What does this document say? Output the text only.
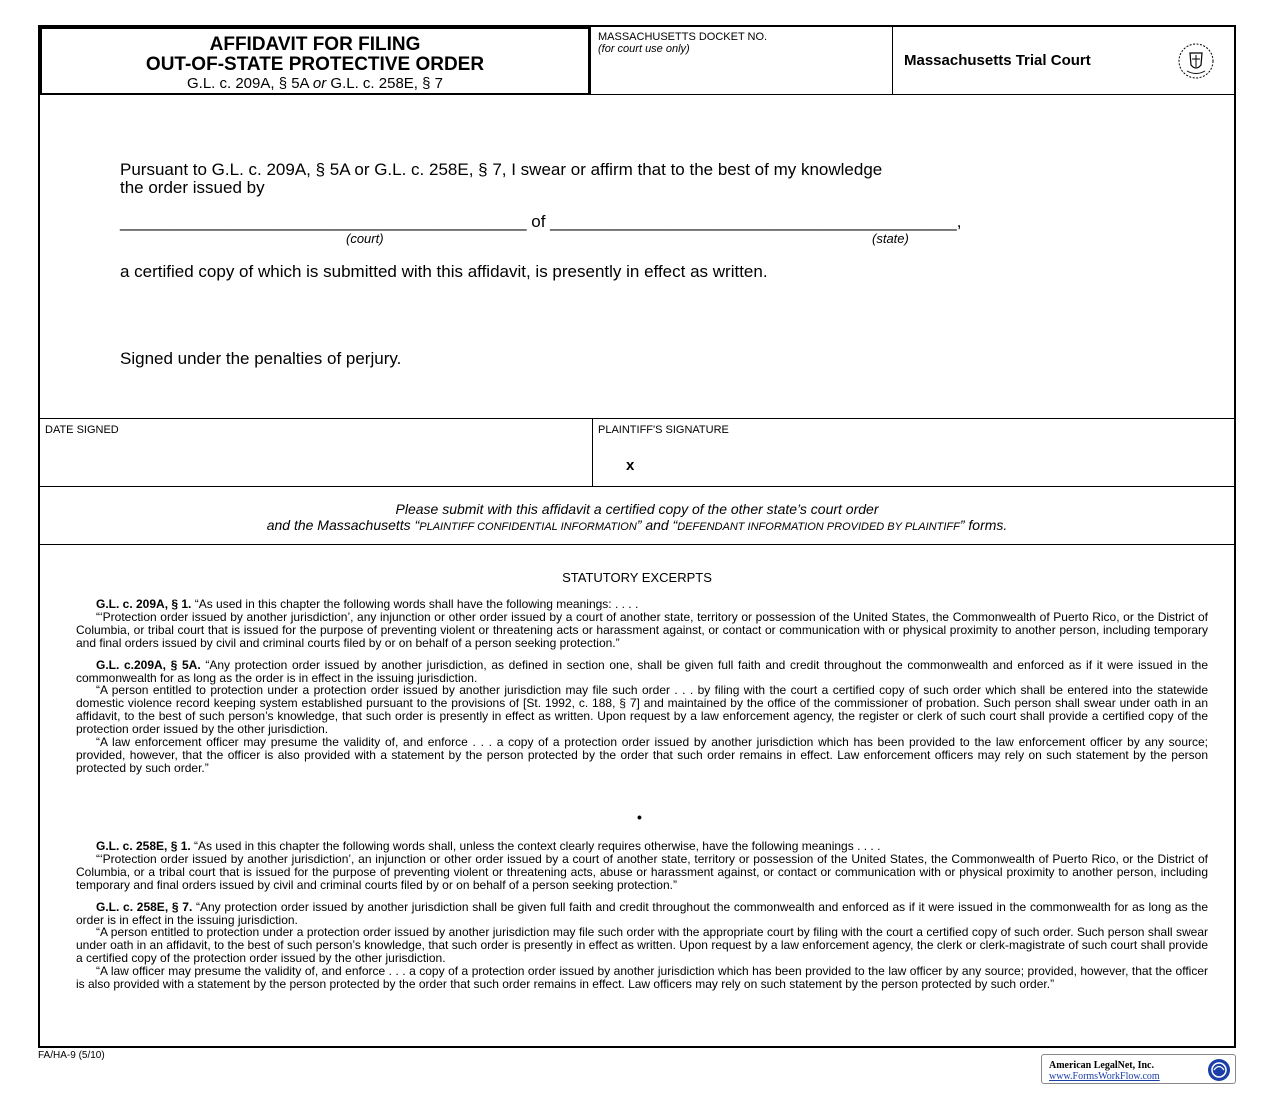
AFFIDAVIT FOR FILING
OUT-OF-STATE PROTECTIVE ORDER
G.L. c. 209A, § 5A or G.L. c. 258E, § 7
MASSACHUSETTS DOCKET NO.
(for court use only)
Massachusetts Trial Court
Pursuant to G.L. c. 209A, § 5A or G.L. c. 258E, § 7, I swear or affirm that to the best of my knowledge
the order issued by
___________________________________________ of ___________________________________________,
(court)	(state)
a certified copy of which is submitted with this affidavit, is presently in effect as written.
Signed under the penalties of perjury.
DATE SIGNED	PLAINTIFF'S SIGNATURE
x
Please submit with this affidavit a certified copy of the other state’s court order
and the Massachusetts “PLAINTIFF CONFIDENTIAL INFORMATION” and “DEFENDANT INFORMATION PROVIDED BY PLAINTIFF” forms.
STATUTORY EXCERPTS

G.L. c. 209A, § 1. “As used in this chapter the following words shall have the following meanings: . . . .

“‘Protection order issued by another jurisdiction’, any injunction or other order issued by a court of another state, territory or possession of the United States, the Commonwealth of Puerto Rico, or the District of Columbia, or tribal court that is issued for the purpose of preventing violent or threatening acts or harassment against, or contact or communication with or physical proximity to another person, including temporary and final orders issued by civil and criminal courts filed by or on behalf of a person seeking protection.”

G.L. c.209A, § 5A. “Any protection order issued by another jurisdiction, as defined in section one, shall be given full faith and credit throughout the commonwealth and enforced as if it were issued in the commonwealth for as long as the order is in effect in the issuing jurisdiction.

“A person entitled to protection under a protection order issued by another jurisdiction may file such order . . . by filing with the court a certified copy of such order which shall be entered into the statewide domestic violence record keeping system established pursuant to the provisions of [St. 1992, c. 188, § 7] and maintained by the office of the commissioner of probation. Such person shall swear under oath in an affidavit, to the best of such person’s knowledge, that such order is presently in effect as written. Upon request by a law enforcement agency, the register or clerk of such court shall provide a certified copy of the protection order issued by the other jurisdiction.

“A law enforcement officer may presume the validity of, and enforce . . . a copy of a protection order issued by another jurisdiction which has been provided to the law enforcement officer by any source; provided, however, that the officer is also provided with a statement by the person protected by the order that such order remains in effect. Law enforcement officers may rely on such statement by the person protected by such order.”

•

G.L. c. 258E, § 1. “As used in this chapter the following words shall, unless the context clearly requires otherwise, have the following meanings . . . .

“‘Protection order issued by another jurisdiction’, an injunction or other order issued by a court of another state, territory or possession of the United States, the Commonwealth of Puerto Rico, or the District of Columbia, or a tribal court that is issued for the purpose of preventing violent or threatening acts, abuse or harassment against, or contact or communication with or physical proximity to another person, including temporary and final orders issued by civil and criminal courts filed by or on behalf of a person seeking protection.”

G.L. c. 258E, § 7. “Any protection order issued by another jurisdiction shall be given full faith and credit throughout the commonwealth and enforced as if it were issued in the commonwealth for as long as the order is in effect in the issuing jurisdiction.

“A person entitled to protection under a protection order issued by another jurisdiction may file such order with the appropriate court by filing with the court a certified copy of such order. Such person shall swear under oath in an affidavit, to the best of such person’s knowledge, that such order is presently in effect as written. Upon request by a law enforcement agency, the clerk or clerk-magistrate of such court shall provide a certified copy of the protection order issued by the other jurisdiction.

“A law officer may presume the validity of, and enforce . . . a copy of a protection order issued by another jurisdiction which has been provided to the law officer by any source; provided, however, that the officer is also provided with a statement by the person protected by the order that such order remains in effect. Law officers may rely on such statement by the person protected by such order.”

FA/HA-9 (5/10)
American LegalNet, Inc.
www.FormsWorkFlow.com
